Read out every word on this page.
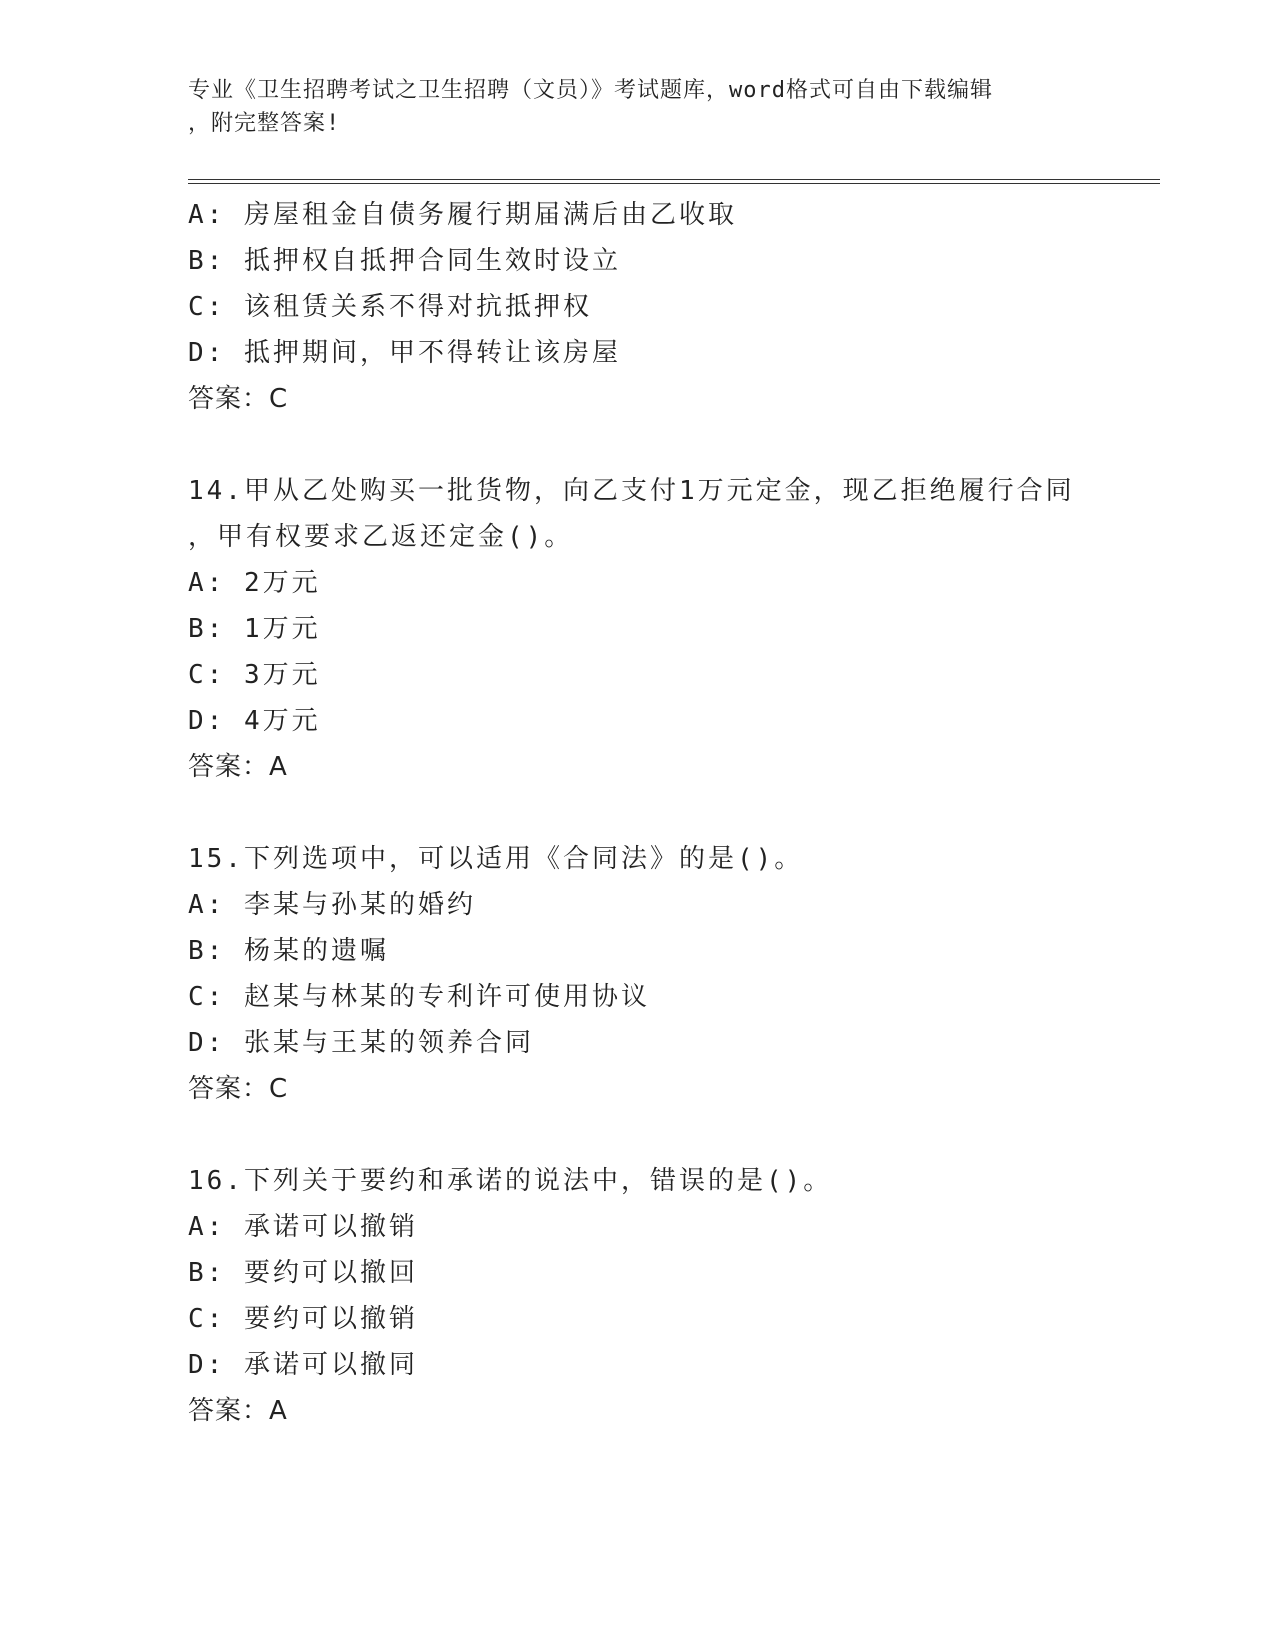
专业《卫生招聘考试之卫生招聘（文员）》考试题库，word格式可自由下载编辑
，附完整答案!
A: 房屋租金自债务履行期届满后由乙收取
B: 抵押权自抵押合同生效时设立
C: 该租赁关系不得对抗抵押权
D: 抵押期间，甲不得转让该房屋
答案：C
14.甲从乙处购买一批货物，向乙支付1万元定金，现乙拒绝履行合同
，甲有权要求乙返还定金()。
A: 2万元
B: 1万元
C: 3万元
D: 4万元
答案：A
15.下列选项中，可以适用《合同法》的是()。
A: 李某与孙某的婚约
B: 杨某的遗嘱
C: 赵某与林某的专利许可使用协议
D: 张某与王某的领养合同
答案：C
16.下列关于要约和承诺的说法中，错误的是()。
A: 承诺可以撤销
B: 要约可以撤回
C: 要约可以撤销
D: 承诺可以撤同
答案：A
